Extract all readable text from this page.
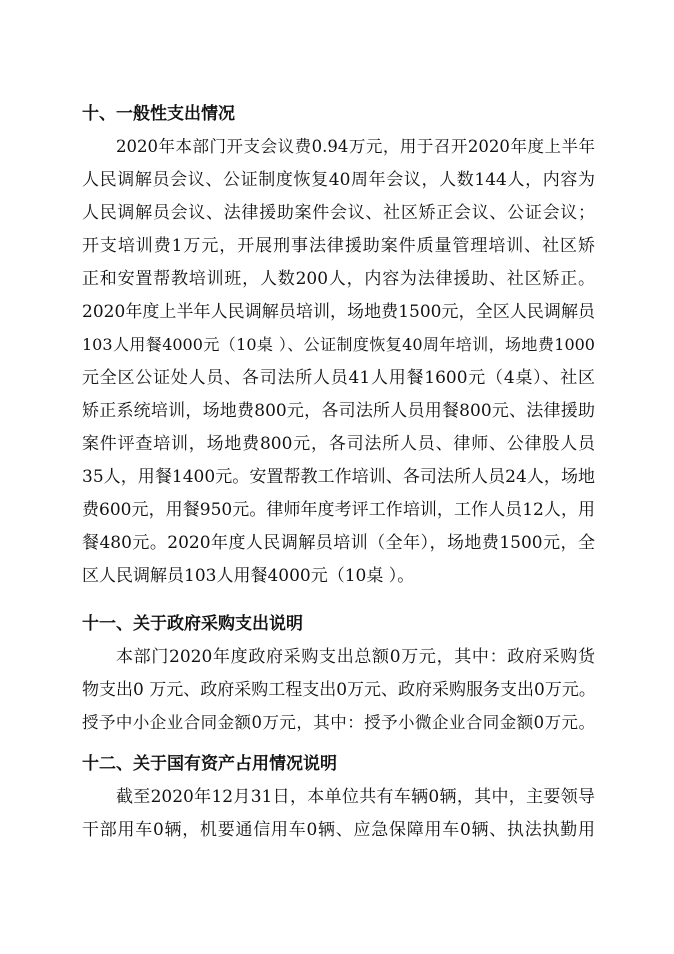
十、一般性支出情况
2020年本部门开支会议费0.94万元，用于召开2020年度上半年
人民调解员会议、公证制度恢复40周年会议，人数144人，内容为
人民调解员会议、法律援助案件会议、社区矫正会议、公证会议；
开支培训费1万元，开展刑事法律援助案件质量管理培训、社区矫
正和安置帮教培训班，人数200人，内容为法律援助、社区矫正。
2020年度上半年人民调解员培训，场地费1500元，全区人民调解员
103人用餐4000元（10桌 ）、公证制度恢复40周年培训，场地费1000
元全区公证处人员、各司法所人员41人用餐1600元（4桌）、社区
矫正系统培训，场地费800元，各司法所人员用餐800元、法律援助
案件评查培训，场地费800元，各司法所人员、律师、公律股人员
35人，用餐1400元。安置帮教工作培训、各司法所人员24人，场地
费600元，用餐950元。律师年度考评工作培训，工作人员12人，用
餐480元。2020年度人民调解员培训（全年），场地费1500元，全
区人民调解员103人用餐4000元（10桌 ）。
十一、关于政府采购支出说明
本部门2020年度政府采购支出总额0万元，其中：政府采购货
物支出0 万元、政府采购工程支出0万元、政府采购服务支出0万元。
授予中小企业合同金额0万元，其中：授予小微企业合同金额0万元。
十二、关于国有资产占用情况说明
截至2020年12月31日，本单位共有车辆0辆，其中，主要领导
干部用车0辆，机要通信用车0辆、应急保障用车0辆、执法执勤用
